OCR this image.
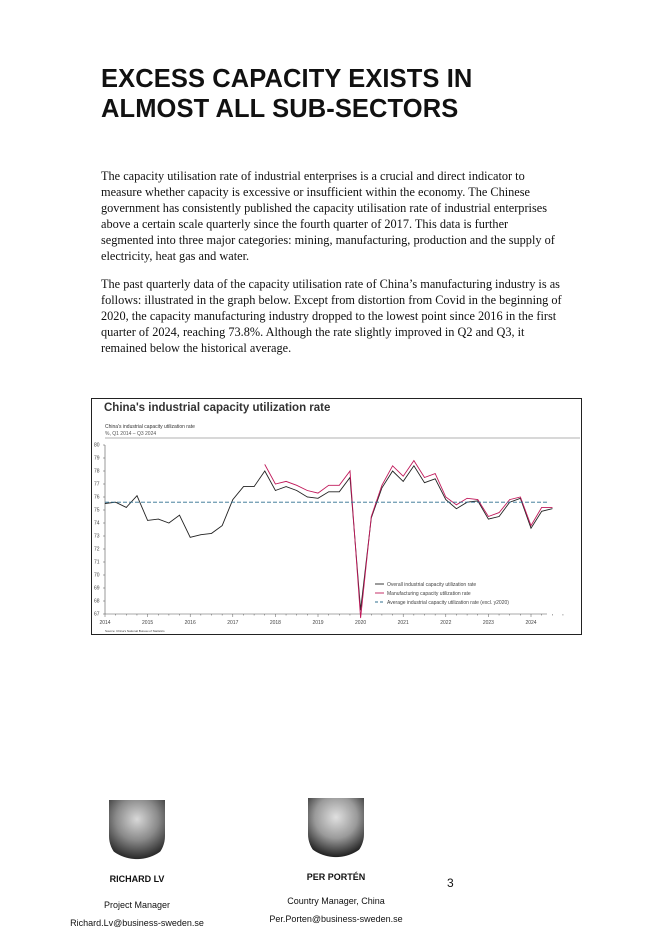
EXCESS CAPACITY EXISTS IN ALMOST ALL SUB-SECTORS

The capacity utilisation rate of industrial enterprises is a crucial and direct indicator to measure whether capacity is excessive or insufficient within the economy. The Chinese government has consistently published the capacity utilisation rate of industrial enterprises above a certain scale quarterly since the fourth quarter of 2017. This data is further segmented into three major categories: mining, manufacturing, production and the supply of electricity, heat gas and water.

The past quarterly data of the capacity utilisation rate of China’s manufacturing industry is as follows: illustrated in the graph below. Except from distortion from Covid in the beginning of 2020, the capacity manufacturing industry dropped to the lowest point since 2016 in the first quarter of 2024, reaching 73.8%. Although the rate slightly improved in Q2 and Q3, it remained below the historical average.

China's industrial capacity utilization rate
China's industrial capacity utilization rate
%, Q1 2014 – Q3 2024
Source: China's National Bureau of Statistics
80
79
78
77
76
75
74
73
72
71
70
69
68
67
2014	2015	2016	2017	2018	2019	2020	2021	2022	2023	2024
Overall industrial capacity utilization rate
Manufacturing capacity utilization rate
Average industrial capacity utilization rate (excl. y2020)
RICHARD LV
Project Manager
Richard.Lv@business-sweden.se
PER PORTÉN
Country Manager, China
Per.Porten@business-sweden.se
3
